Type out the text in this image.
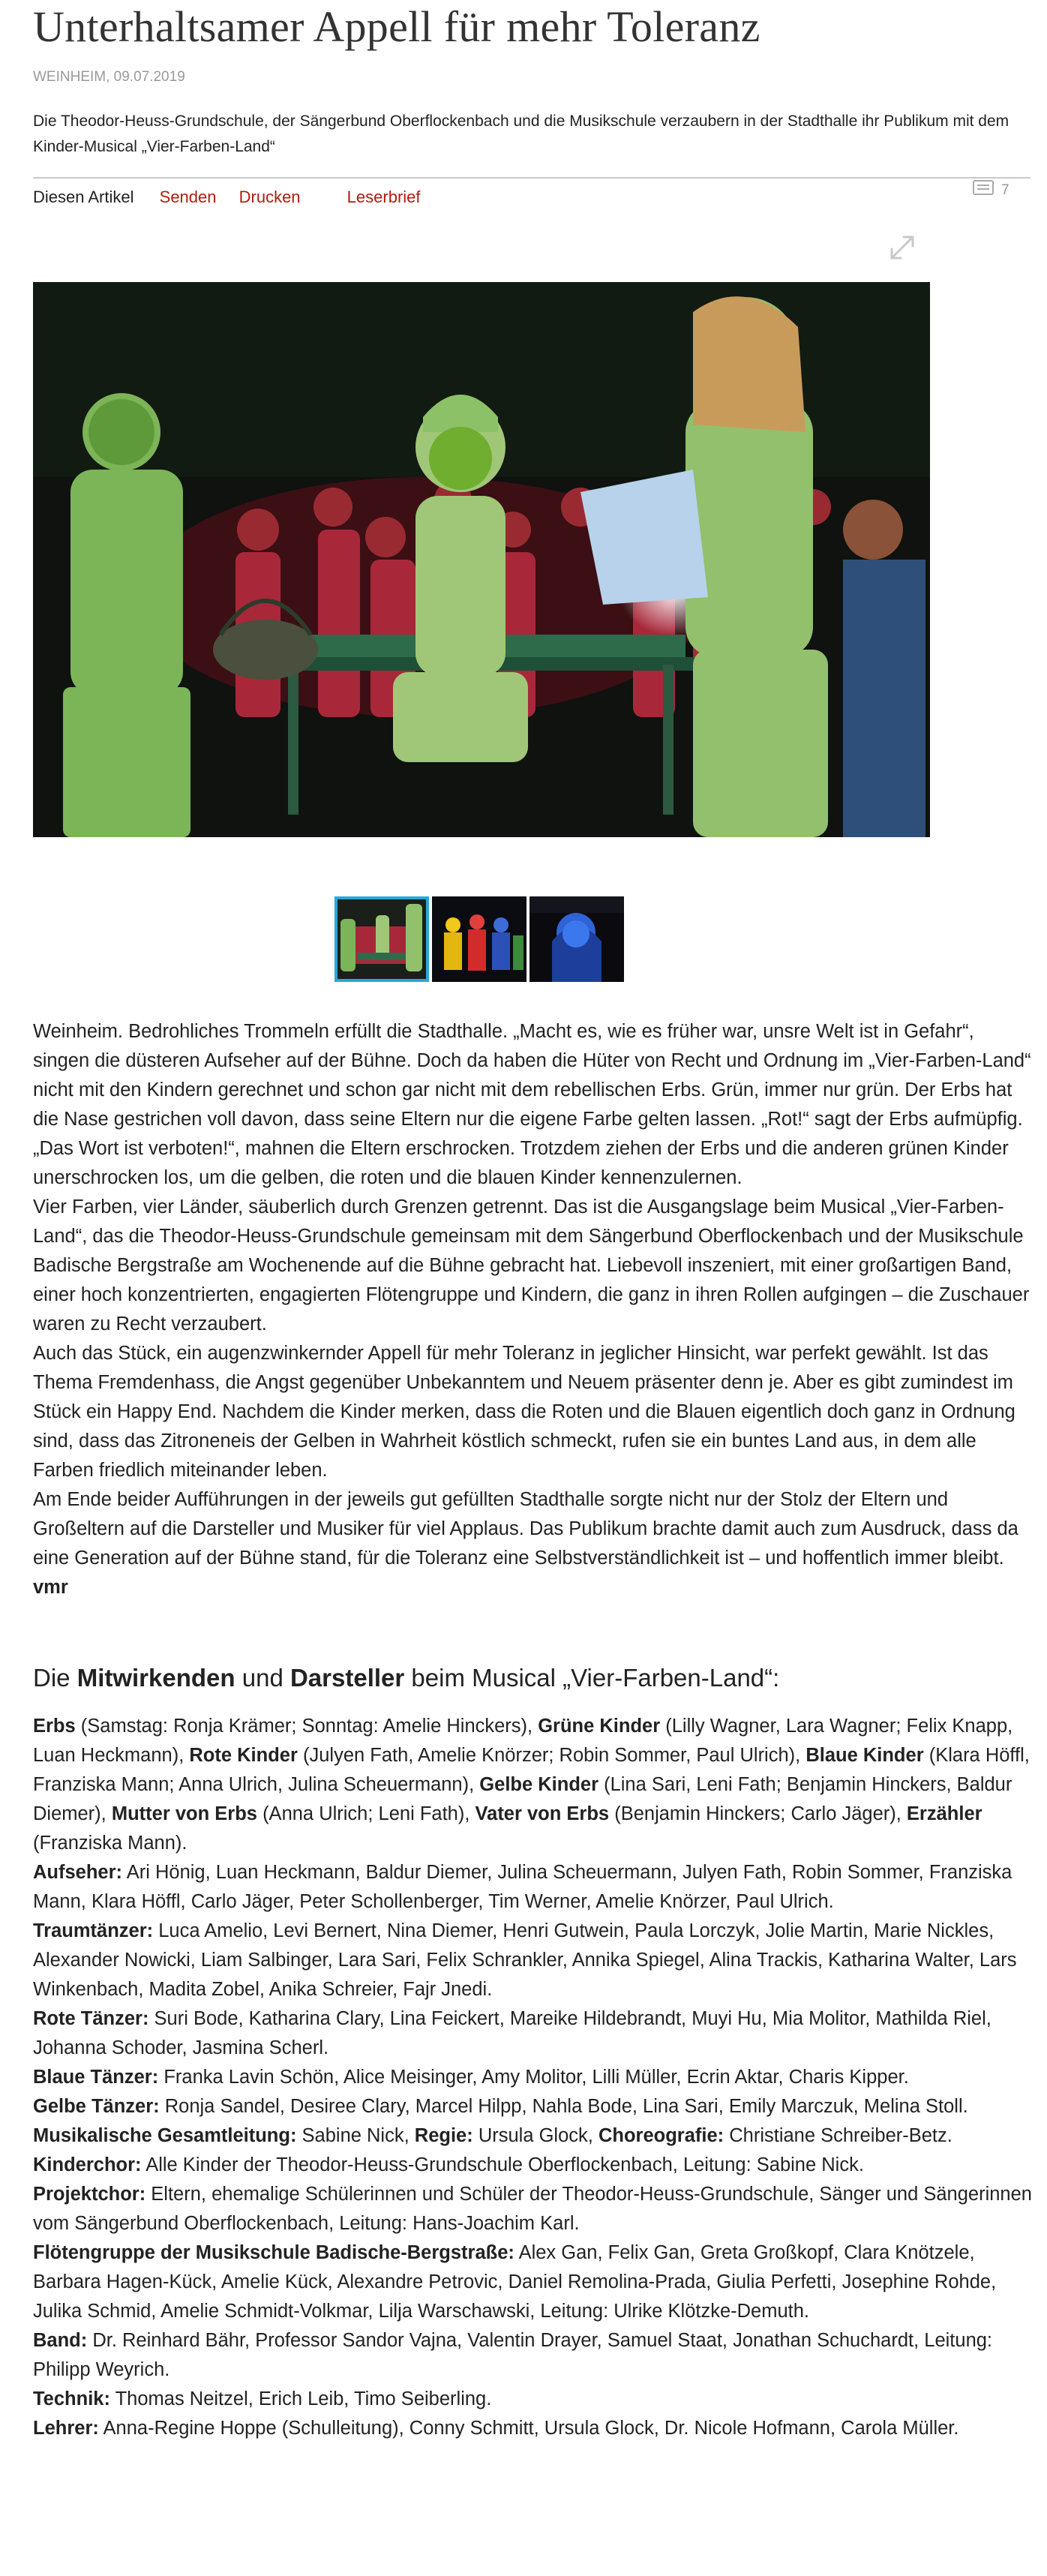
Unterhaltsamer Appell für mehr Toleranz
WEINHEIM, 09.07.2019

Die Theodor-Heuss-Grundschule, der Sängerbund Oberflockenbach und die Musikschule verzaubern in der Stadthalle ihr Publikum mit dem Kinder-Musical „Vier-Farben-Land“

Diesen Artikel Senden Drucken	Leserbrief	7

Weinheim. Bedrohliches Trommeln erfüllt die Stadthalle. „Macht es, wie es früher war, unsre Welt ist in Gefahr“, singen die düsteren Aufseher auf der Bühne. Doch da haben die Hüter von Recht und Ordnung im „Vier-Farben-Land“ nicht mit den Kindern gerechnet und schon gar nicht mit dem rebellischen Erbs. Grün, immer nur grün. Der Erbs hat die Nase gestrichen voll davon, dass seine Eltern nur die eigene Farbe gelten lassen. „Rot!“ sagt der Erbs aufmüpfig. „Das Wort ist verboten!“, mahnen die Eltern erschrocken. Trotzdem ziehen der Erbs und die anderen grünen Kinder unerschrocken los, um die gelben, die roten und die blauen Kinder kennenzulernen.

Vier Farben, vier Länder, säuberlich durch Grenzen getrennt. Das ist die Ausgangslage beim Musical „Vier-Farben-Land“, das die Theodor-Heuss-Grundschule gemeinsam mit dem Sängerbund Oberflockenbach und der Musikschule Badische Bergstraße am Wochenende auf die Bühne gebracht hat. Liebevoll inszeniert, mit einer großartigen Band, einer hoch konzentrierten, engagierten Flötengruppe und Kindern, die ganz in ihren Rollen aufgingen – die Zuschauer waren zu Recht verzaubert.

Auch das Stück, ein augenzwinkernder Appell für mehr Toleranz in jeglicher Hinsicht, war perfekt gewählt. Ist das Thema Fremdenhass, die Angst gegenüber Unbekanntem und Neuem präsenter denn je. Aber es gibt zumindest im Stück ein Happy End. Nachdem die Kinder merken, dass die Roten und die Blauen eigentlich doch ganz in Ordnung sind, dass das Zitroneneis der Gelben in Wahrheit köstlich schmeckt, rufen sie ein buntes Land aus, in dem alle Farben friedlich miteinander leben.

Am Ende beider Aufführungen in der jeweils gut gefüllten Stadthalle sorgte nicht nur der Stolz der Eltern und Großeltern auf die Darsteller und Musiker für viel Applaus. Das Publikum brachte damit auch zum Ausdruck, dass da eine Generation auf der Bühne stand, für die Toleranz eine Selbstverständlichkeit ist – und hoffentlich immer bleibt. vmr

Die Mitwirkenden und Darsteller beim Musical „Vier-Farben-Land“:

Erbs (Samstag: Ronja Krämer; Sonntag: Amelie Hinckers), Grüne Kinder (Lilly Wagner, Lara Wagner; Felix Knapp, Luan Heckmann), Rote Kinder (Julyen Fath, Amelie Knörzer; Robin Sommer, Paul Ulrich), Blaue Kinder (Klara Höffl, Franziska Mann; Anna Ulrich, Julina Scheuermann), Gelbe Kinder (Lina Sari, Leni Fath; Benjamin Hinckers, Baldur Diemer), Mutter von Erbs (Anna Ulrich; Leni Fath), Vater von Erbs (Benjamin Hinckers; Carlo Jäger), Erzähler (Franziska Mann).

Aufseher: Ari Hönig, Luan Heckmann, Baldur Diemer, Julina Scheuermann, Julyen Fath, Robin Sommer, Franziska Mann, Klara Höffl, Carlo Jäger, Peter Schollenberger, Tim Werner, Amelie Knörzer, Paul Ulrich.

Traumtänzer: Luca Amelio, Levi Bernert, Nina Diemer, Henri Gutwein, Paula Lorczyk, Jolie Martin, Marie Nickles, Alexander Nowicki, Liam Salbinger, Lara Sari, Felix Schrankler, Annika Spiegel, Alina Trackis, Katharina Walter, Lars Winkenbach, Madita Zobel, Anika Schreier, Fajr Jnedi.

Rote Tänzer: Suri Bode, Katharina Clary, Lina Feickert, Mareike Hildebrandt, Muyi Hu, Mia Molitor, Mathilda Riel, Johanna Schoder, Jasmina Scherl.

Blaue Tänzer: Franka Lavin Schön, Alice Meisinger, Amy Molitor, Lilli Müller, Ecrin Aktar, Charis Kipper.

Gelbe Tänzer: Ronja Sandel, Desiree Clary, Marcel Hilpp, Nahla Bode, Lina Sari, Emily Marczuk, Melina Stoll.

Musikalische Gesamtleitung: Sabine Nick, Regie: Ursula Glock, Choreografie: Christiane Schreiber-Betz.

Kinderchor: Alle Kinder der Theodor-Heuss-Grundschule Oberflockenbach, Leitung: Sabine Nick.

Projektchor: Eltern, ehemalige Schülerinnen und Schüler der Theodor-Heuss-Grundschule, Sänger und Sängerinnen vom Sängerbund Oberflockenbach, Leitung: Hans-Joachim Karl.

Flötengruppe der Musikschule Badische-Bergstraße: Alex Gan, Felix Gan, Greta Großkopf, Clara Knötzele, Barbara Hagen-Kück, Amelie Kück, Alexandre Petrovic, Daniel Remolina-Prada, Giulia Perfetti, Josephine Rohde, Julika Schmid, Amelie Schmidt-Volkmar, Lilja Warschawski, Leitung: Ulrike Klötzke-Demuth.

Band: Dr. Reinhard Bähr, Professor Sandor Vajna, Valentin Drayer, Samuel Staat, Jonathan Schuchardt, Leitung: Philipp Weyrich.

Technik: Thomas Neitzel, Erich Leib, Timo Seiberling.

Lehrer: Anna-Regine Hoppe (Schulleitung), Conny Schmitt, Ursula Glock, Dr. Nicole Hofmann, Carola Müller.
